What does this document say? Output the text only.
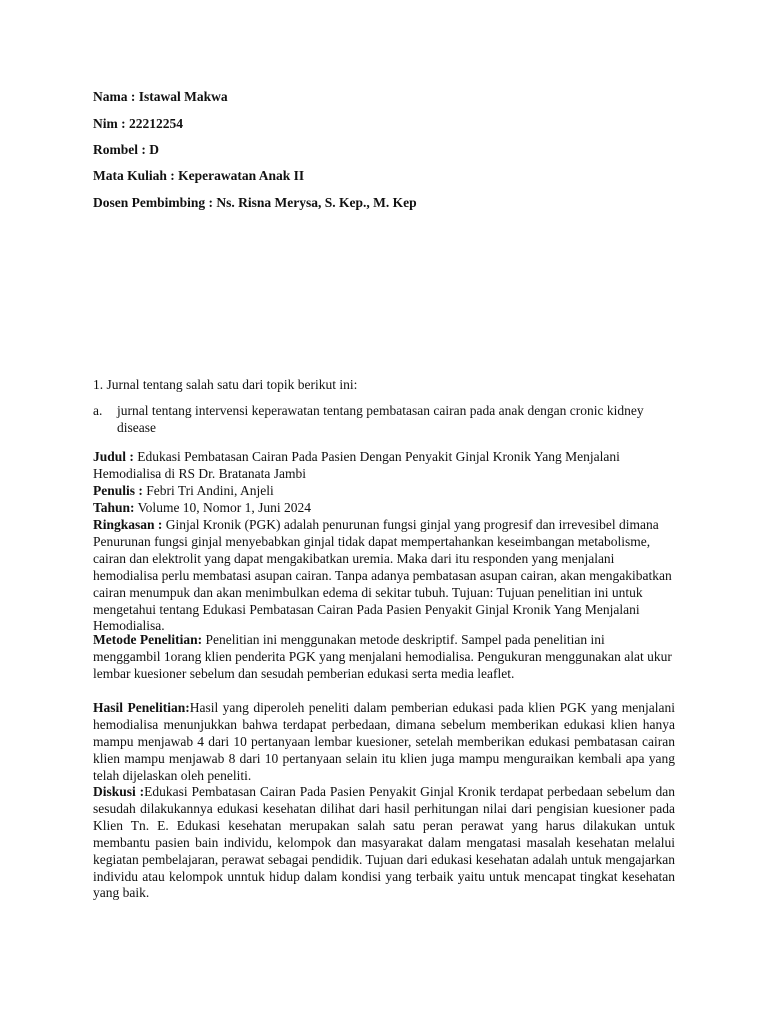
Nama : Istawal Makwa
Nim : 22212254
Rombel : D
Mata Kuliah : Keperawatan Anak II
Dosen Pembimbing : Ns. Risna Merysa, S. Kep., M. Kep
1. Jurnal tentang salah satu dari topik berikut ini:
a. jurnal tentang intervensi keperawatan tentang pembatasan cairan pada anak dengan cronic kidney disease

Judul : Edukasi Pembatasan Cairan Pada Pasien Dengan Penyakit Ginjal Kronik Yang Menjalani Hemodialisa di RS Dr. Bratanata Jambi

Penulis : Febri Tri Andini, Anjeli

Tahun: Volume 10, Nomor 1, Juni 2024

Ringkasan : Ginjal Kronik (PGK) adalah penurunan fungsi ginjal yang progresif dan irrevesibel dimana Penurunan fungsi ginjal menyebabkan ginjal tidak dapat mempertahankan keseimbangan metabolisme, cairan dan elektrolit yang dapat mengakibatkan uremia. Maka dari itu responden yang menjalani hemodialisa perlu membatasi asupan cairan. Tanpa adanya pembatasan asupan cairan, akan mengakibatkan cairan menumpuk dan akan menimbulkan edema di sekitar tubuh. Tujuan: Tujuan penelitian ini untuk mengetahui tentang Edukasi Pembatasan Cairan Pada Pasien Penyakit Ginjal Kronik Yang Menjalani Hemodialisa.

Metode Penelitian: Penelitian ini menggunakan metode deskriptif. Sampel pada penelitian ini menggambil 1orang klien penderita PGK yang menjalani hemodialisa. Pengukuran menggunakan alat ukur lembar kuesioner sebelum dan sesudah pemberian edukasi serta media leaflet.

Hasil Penelitian:Hasil yang diperoleh peneliti dalam pemberian edukasi pada klien PGK yang menjalani hemodialisa menunjukkan bahwa terdapat perbedaan, dimana sebelum memberikan edukasi klien hanya mampu menjawab 4 dari 10 pertanyaan lembar kuesioner, setelah memberikan edukasi pembatasan cairan klien mampu menjawab 8 dari 10 pertanyaan selain itu klien juga mampu menguraikan kembali apa yang telah dijelaskan oleh peneliti.

Diskusi :Edukasi Pembatasan Cairan Pada Pasien Penyakit Ginjal Kronik terdapat perbedaan sebelum dan sesudah dilakukannya edukasi kesehatan dilihat dari hasil perhitungan nilai dari pengisian kuesioner pada Klien Tn. E. Edukasi kesehatan merupakan salah satu peran perawat yang harus dilakukan untuk membantu pasien bain individu, kelompok dan masyarakat dalam mengatasi masalah kesehatan melalui kegiatan pembelajaran, perawat sebagai pendidik. Tujuan dari edukasi kesehatan adalah untuk mengajarkan individu atau kelompok unntuk hidup dalam kondisi yang terbaik yaitu untuk mencapat tingkat kesehatan yang baik.
